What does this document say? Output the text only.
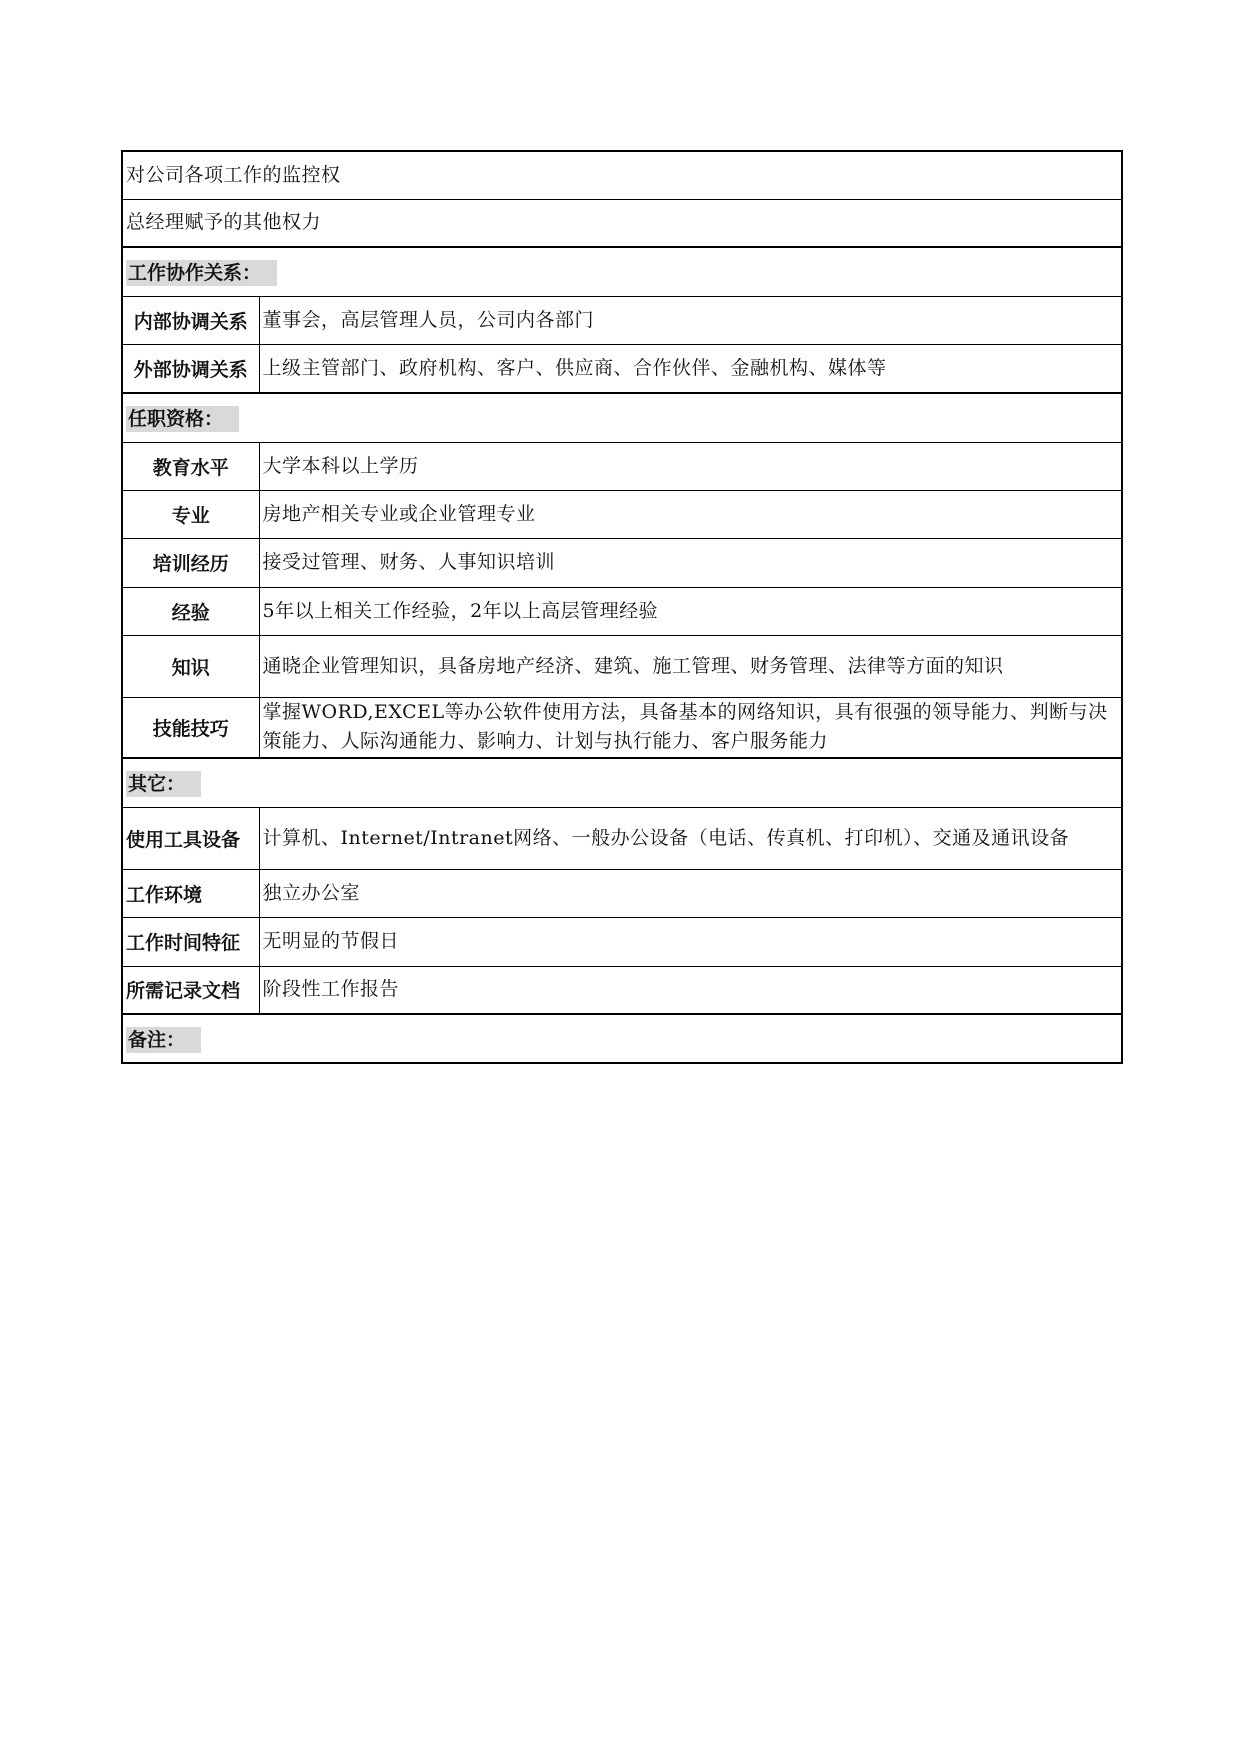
对公司各项工作的监控权	
总经理赋予的其他权力	
工作协作关系：	
内部协调关系	董事会，高层管理人员，公司内各部门
外部协调关系	上级主管部门、政府机构、客户、供应商、合作伙伴、金融机构、媒体等
任职资格：	
教育水平	大学本科以上学历
专业	房地产相关专业或企业管理专业
培训经历	接受过管理、财务、人事知识培训
经验	5年以上相关工作经验，2年以上高层管理经验
知识	通晓企业管理知识，具备房地产经济、建筑、施工管理、财务管理、法律等方面的知识
技能技巧	掌握WORD,EXCEL等办公软件使用方法，具备基本的网络知识，具有很强的领导能力、判断与决策能力、人际沟通能力、影响力、计划与执行能力、客户服务能力
其它：	
使用工具设备	计算机、Internet/Intranet网络、一般办公设备（电话、传真机、打印机）、交通及通讯设备
工作环境	独立办公室
工作时间特征	无明显的节假日
所需记录文档	阶段性工作报告
备注：	
